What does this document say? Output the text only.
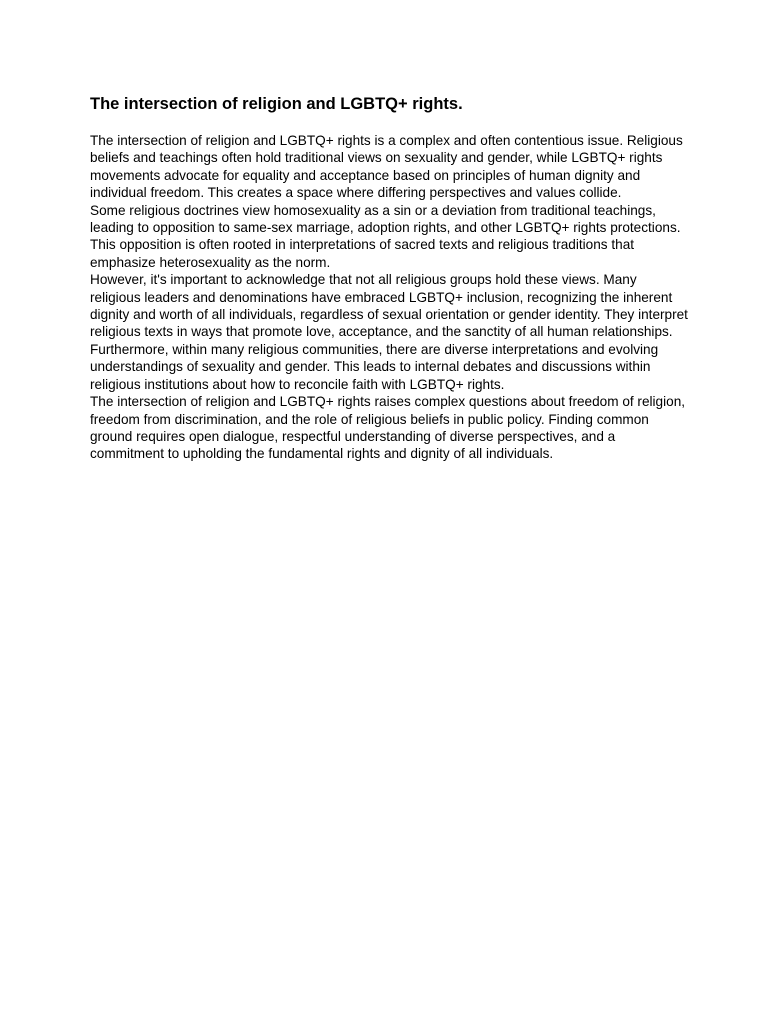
The intersection of religion and LGBTQ+ rights.

The intersection of religion and LGBTQ+ rights is a complex and often contentious issue. Religious beliefs and teachings often hold traditional views on sexuality and gender, while LGBTQ+ rights movements advocate for equality and acceptance based on principles of human dignity and individual freedom. This creates a space where differing perspectives and values collide.

Some religious doctrines view homosexuality as a sin or a deviation from traditional teachings, leading to opposition to same-sex marriage, adoption rights, and other LGBTQ+ rights protections. This opposition is often rooted in interpretations of sacred texts and religious traditions that emphasize heterosexuality as the norm.

However, it's important to acknowledge that not all religious groups hold these views. Many religious leaders and denominations have embraced LGBTQ+ inclusion, recognizing the inherent dignity and worth of all individuals, regardless of sexual orientation or gender identity. They interpret religious texts in ways that promote love, acceptance, and the sanctity of all human relationships.

Furthermore, within many religious communities, there are diverse interpretations and evolving understandings of sexuality and gender. This leads to internal debates and discussions within religious institutions about how to reconcile faith with LGBTQ+ rights.

The intersection of religion and LGBTQ+ rights raises complex questions about freedom of religion, freedom from discrimination, and the role of religious beliefs in public policy. Finding common ground requires open dialogue, respectful understanding of diverse perspectives, and a commitment to upholding the fundamental rights and dignity of all individuals.
